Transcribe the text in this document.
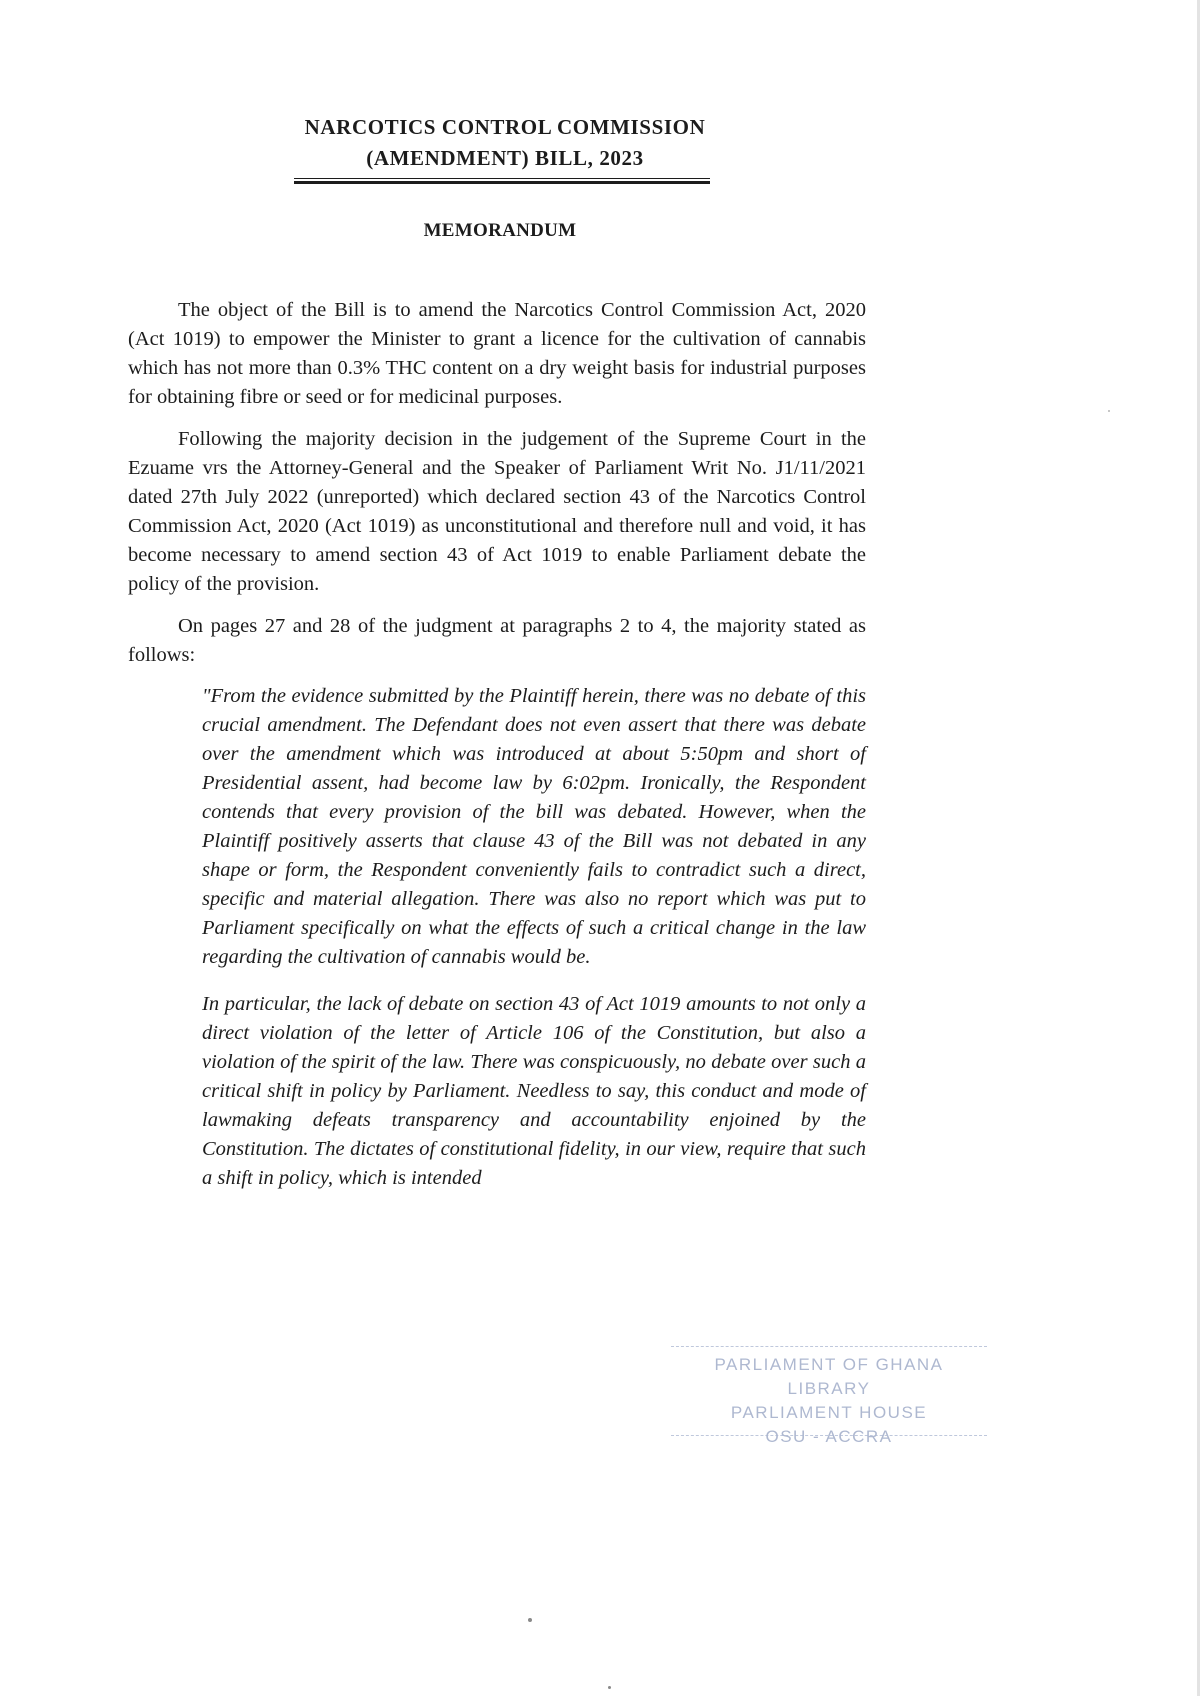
NARCOTICS CONTROL COMMISSION
(AMENDMENT) BILL, 2023
MEMORANDUM

The object of the Bill is to amend the Narcotics Control Commission Act, 2020 (Act 1019) to empower the Minister to grant a licence for the cultivation of cannabis which has not more than 0.3% THC content on a dry weight basis for industrial purposes for obtaining fibre or seed or for medicinal purposes.

Following the majority decision in the judgement of the Supreme Court in the Ezuame vrs the Attorney-General and the Speaker of Parliament Writ No. J1/11/2021 dated 27th July 2022 (unreported) which declared section 43 of the Narcotics Control Commission Act, 2020 (Act 1019) as unconstitutional and therefore null and void, it has become necessary to amend section 43 of Act 1019 to enable Parliament debate the policy of the provision.

On pages 27 and 28 of the judgment at paragraphs 2 to 4, the majority stated as follows:

"From the evidence submitted by the Plaintiff herein, there was no debate of this crucial amendment. The Defendant does not even assert that there was debate over the amendment which was introduced at about 5:50pm and short of Presidential assent, had become law by 6:02pm. Ironically, the Respondent contends that every provision of the bill was debated. However, when the Plaintiff positively asserts that clause 43 of the Bill was not debated in any shape or form, the Respondent conveniently fails to contradict such a direct, specific and material allegation. There was also no report which was put to Parliament specifically on what the effects of such a critical change in the law regarding the cultivation of cannabis would be.

In particular, the lack of debate on section 43 of Act 1019 amounts to not only a direct violation of the letter of Article 106 of the Constitution, but also a violation of the spirit of the law. There was conspicuously, no debate over such a critical shift in policy by Parliament. Needless to say, this conduct and mode of lawmaking defeats transparency and accountability enjoined by the Constitution. The dictates of constitutional fidelity, in our view, require that such a shift in policy, which is intended

PARLIAMENT OF GHANA LIBRARY
PARLIAMENT HOUSE
OSU - ACCRA
